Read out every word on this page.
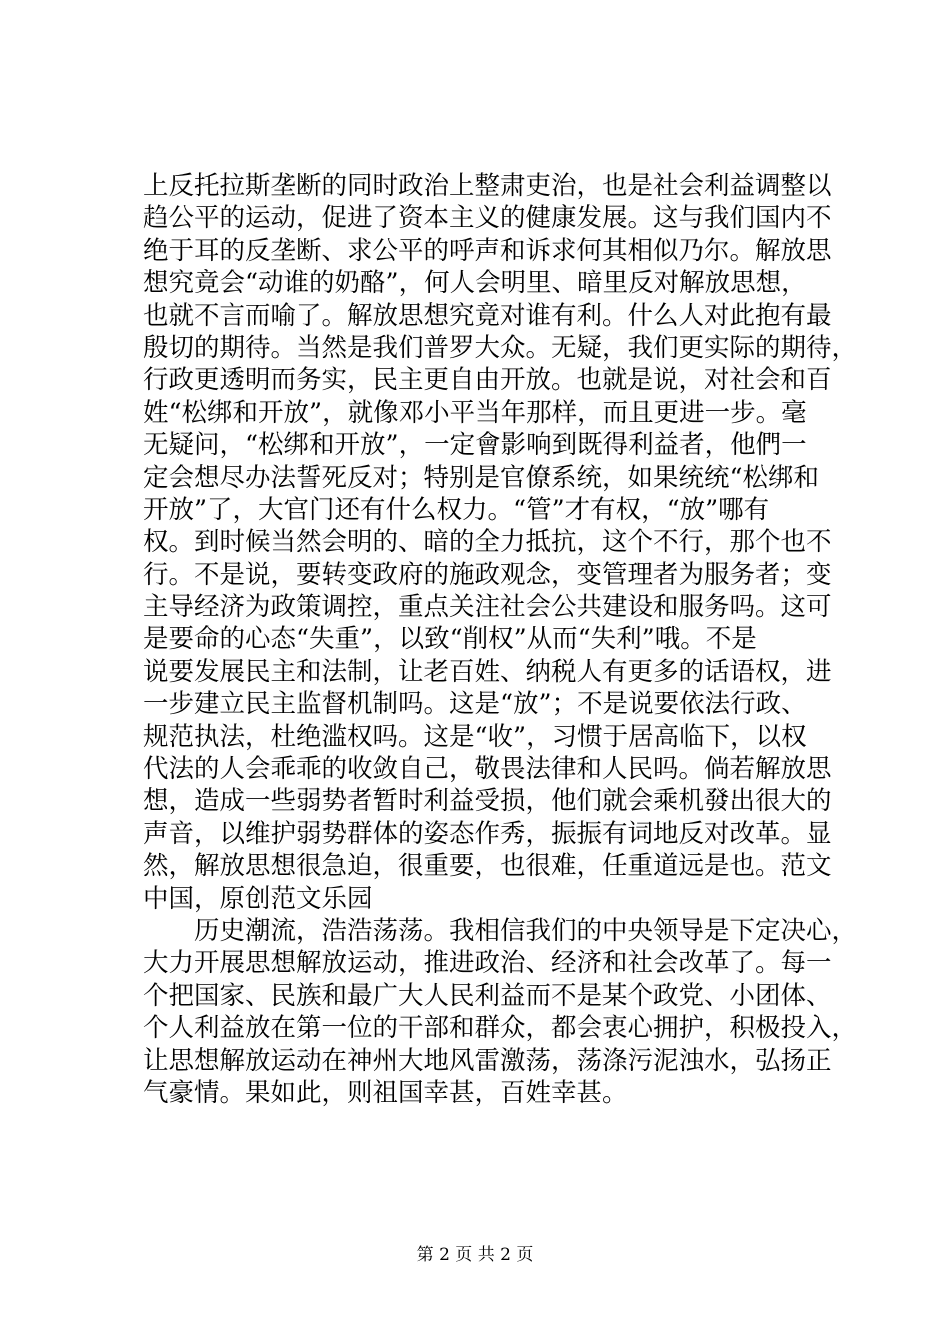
上反托拉斯垄断的同时政治上整肃吏治，也是社会利益调整以
趋公平的运动，促进了资本主义的健康发展。这与我们国内不
绝于耳的反垄断、求公平的呼声和诉求何其相似乃尔。解放思
想究竟会“动谁的奶酪”，何人会明里、暗里反对解放思想，
也就不言而喻了。解放思想究竟对谁有利。什么人对此抱有最
殷切的期待。当然是我们普罗大众。无疑，我们更实际的期待，
行政更透明而务实，民主更自由开放。也就是说，对社会和百
姓“松绑和开放”，就像邓小平当年那样，而且更进一步。毫
无疑问，“松绑和开放”，一定會影响到既得利益者，他們一
定会想尽办法誓死反对；特别是官僚系统，如果统统“松绑和
开放”了，大官门还有什么权力。“管”才有权，“放”哪有
权。到时候当然会明的、暗的全力抵抗，这个不行，那个也不
行。不是说，要转变政府的施政观念，变管理者为服务者；变
主导经济为政策调控，重点关注社会公共建设和服务吗。这可
是要命的心态“失重”，以致“削权”从而“失利”哦。不是
说要发展民主和法制，让老百姓、纳税人有更多的话语权，进
一步建立民主监督机制吗。这是“放”；不是说要依法行政、
规范执法，杜绝滥权吗。这是“收”，习惯于居高临下，以权
代法的人会乖乖的收敛自己，敬畏法律和人民吗。倘若解放思
想，造成一些弱势者暂时利益受损，他们就会乘机發出很大的
声音，以维护弱势群体的姿态作秀，振振有词地反对改革。显
然，解放思想很急迫，很重要，也很难，任重道远是也。范文
中国，原创范文乐园
　　历史潮流，浩浩荡荡。我相信我们的中央领导是下定决心，
大力开展思想解放运动，推进政治、经济和社会改革了。每一
个把国家、民族和最广大人民利益而不是某个政党、小团体、
个人利益放在第一位的干部和群众，都会衷心拥护，积极投入，
让思想解放运动在神州大地风雷激荡，荡涤污泥浊水，弘扬正
气豪情。果如此，则祖国幸甚，百姓幸甚。
第 2 页 共 2 页
